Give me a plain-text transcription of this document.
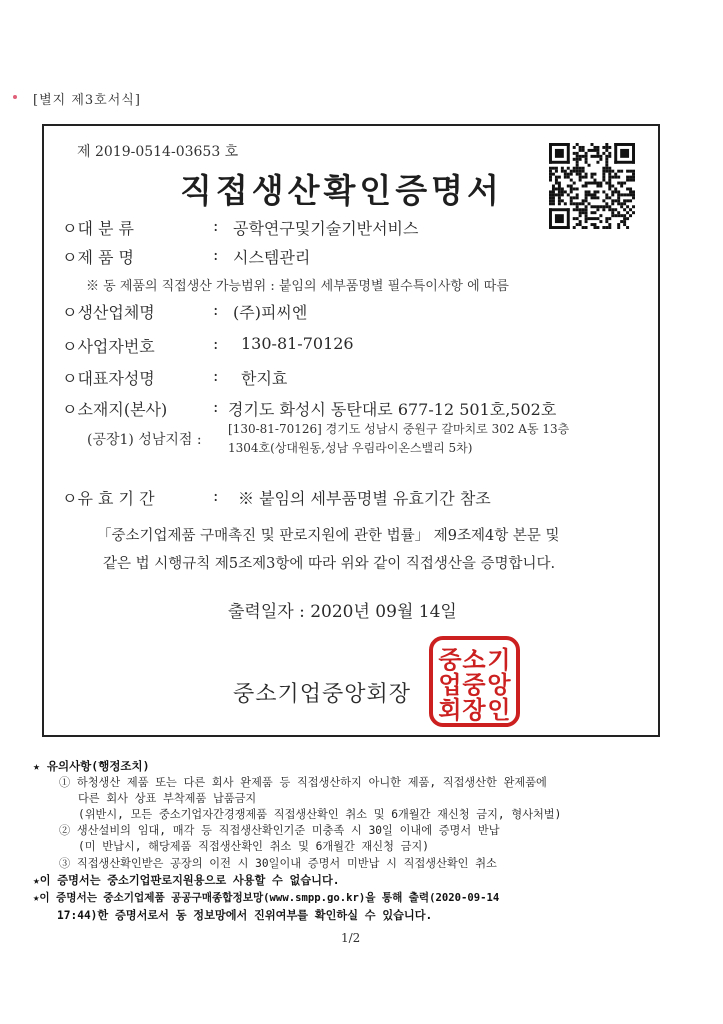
[별지 제3호서식]
제 2019-0514-03653 호
직접생산확인증명서
ㅇ대 분 류	: 공학연구및기술기반서비스
ㅇ제 품 명	: 시스템관리
※ 동 제품의 직접생산 가능범위 : 붙임의 세부품명별 필수특이사항 에 따름
ㅇ생산업체명	: (주)피씨엔
ㅇ사업자번호	: 130-81-70126
ㅇ대표자성명	: 한지효
ㅇ소재지(본사)	: 경기도 화성시 동탄대로 677-12 501호,502호
(공장1) 성남지점 :
[130-81-70126] 경기도 성남시 중원구 갈마치로 302 A동 13층
1304호(상대원동,성남 우림라이온스밸리 5차)
ㅇ유 효 기 간	: ※ 붙임의 세부품명별 유효기간 참조
「중소기업제품 구매촉진 및 판로지원에 관한 법률」 제9조제4항 본문 및
같은 법 시행규칙 제5조제3항에 따라 위와 같이 직접생산을 증명합니다.
출력일자 : 2020년 09월 14일
중소기업중앙회장
중 소 기
업 중 앙
회 장 인
★ 유의사항(행정조치)
① 하청생산 제품 또는 다른 회사 완제품 등 직접생산하지 아니한 제품, 직접생산한 완제품에
다른 회사 상표 부착제품 납품금지
(위반시, 모든 중소기업자간경쟁제품 직접생산확인 취소 및 6개월간 재신청 금지, 형사처벌)
② 생산설비의 임대, 매각 등 직접생산확인기준 미충족 시 30일 이내에 증명서 반납
(미 반납시, 해당제품 직접생산확인 취소 및 6개월간 재신청 금지)
③ 직접생산확인받은 공장의 이전 시 30일이내 증명서 미반납 시 직접생산확인 취소
★이 증명서는 중소기업판로지원용으로 사용할 수 없습니다.
★이 증명서는 중소기업제품 공공구매종합정보망(www.smpp.go.kr)을 통해 출력(2020-09-14
17:44)한 증명서로서 동 정보망에서 진위여부를 확인하실 수 있습니다.
1/2
